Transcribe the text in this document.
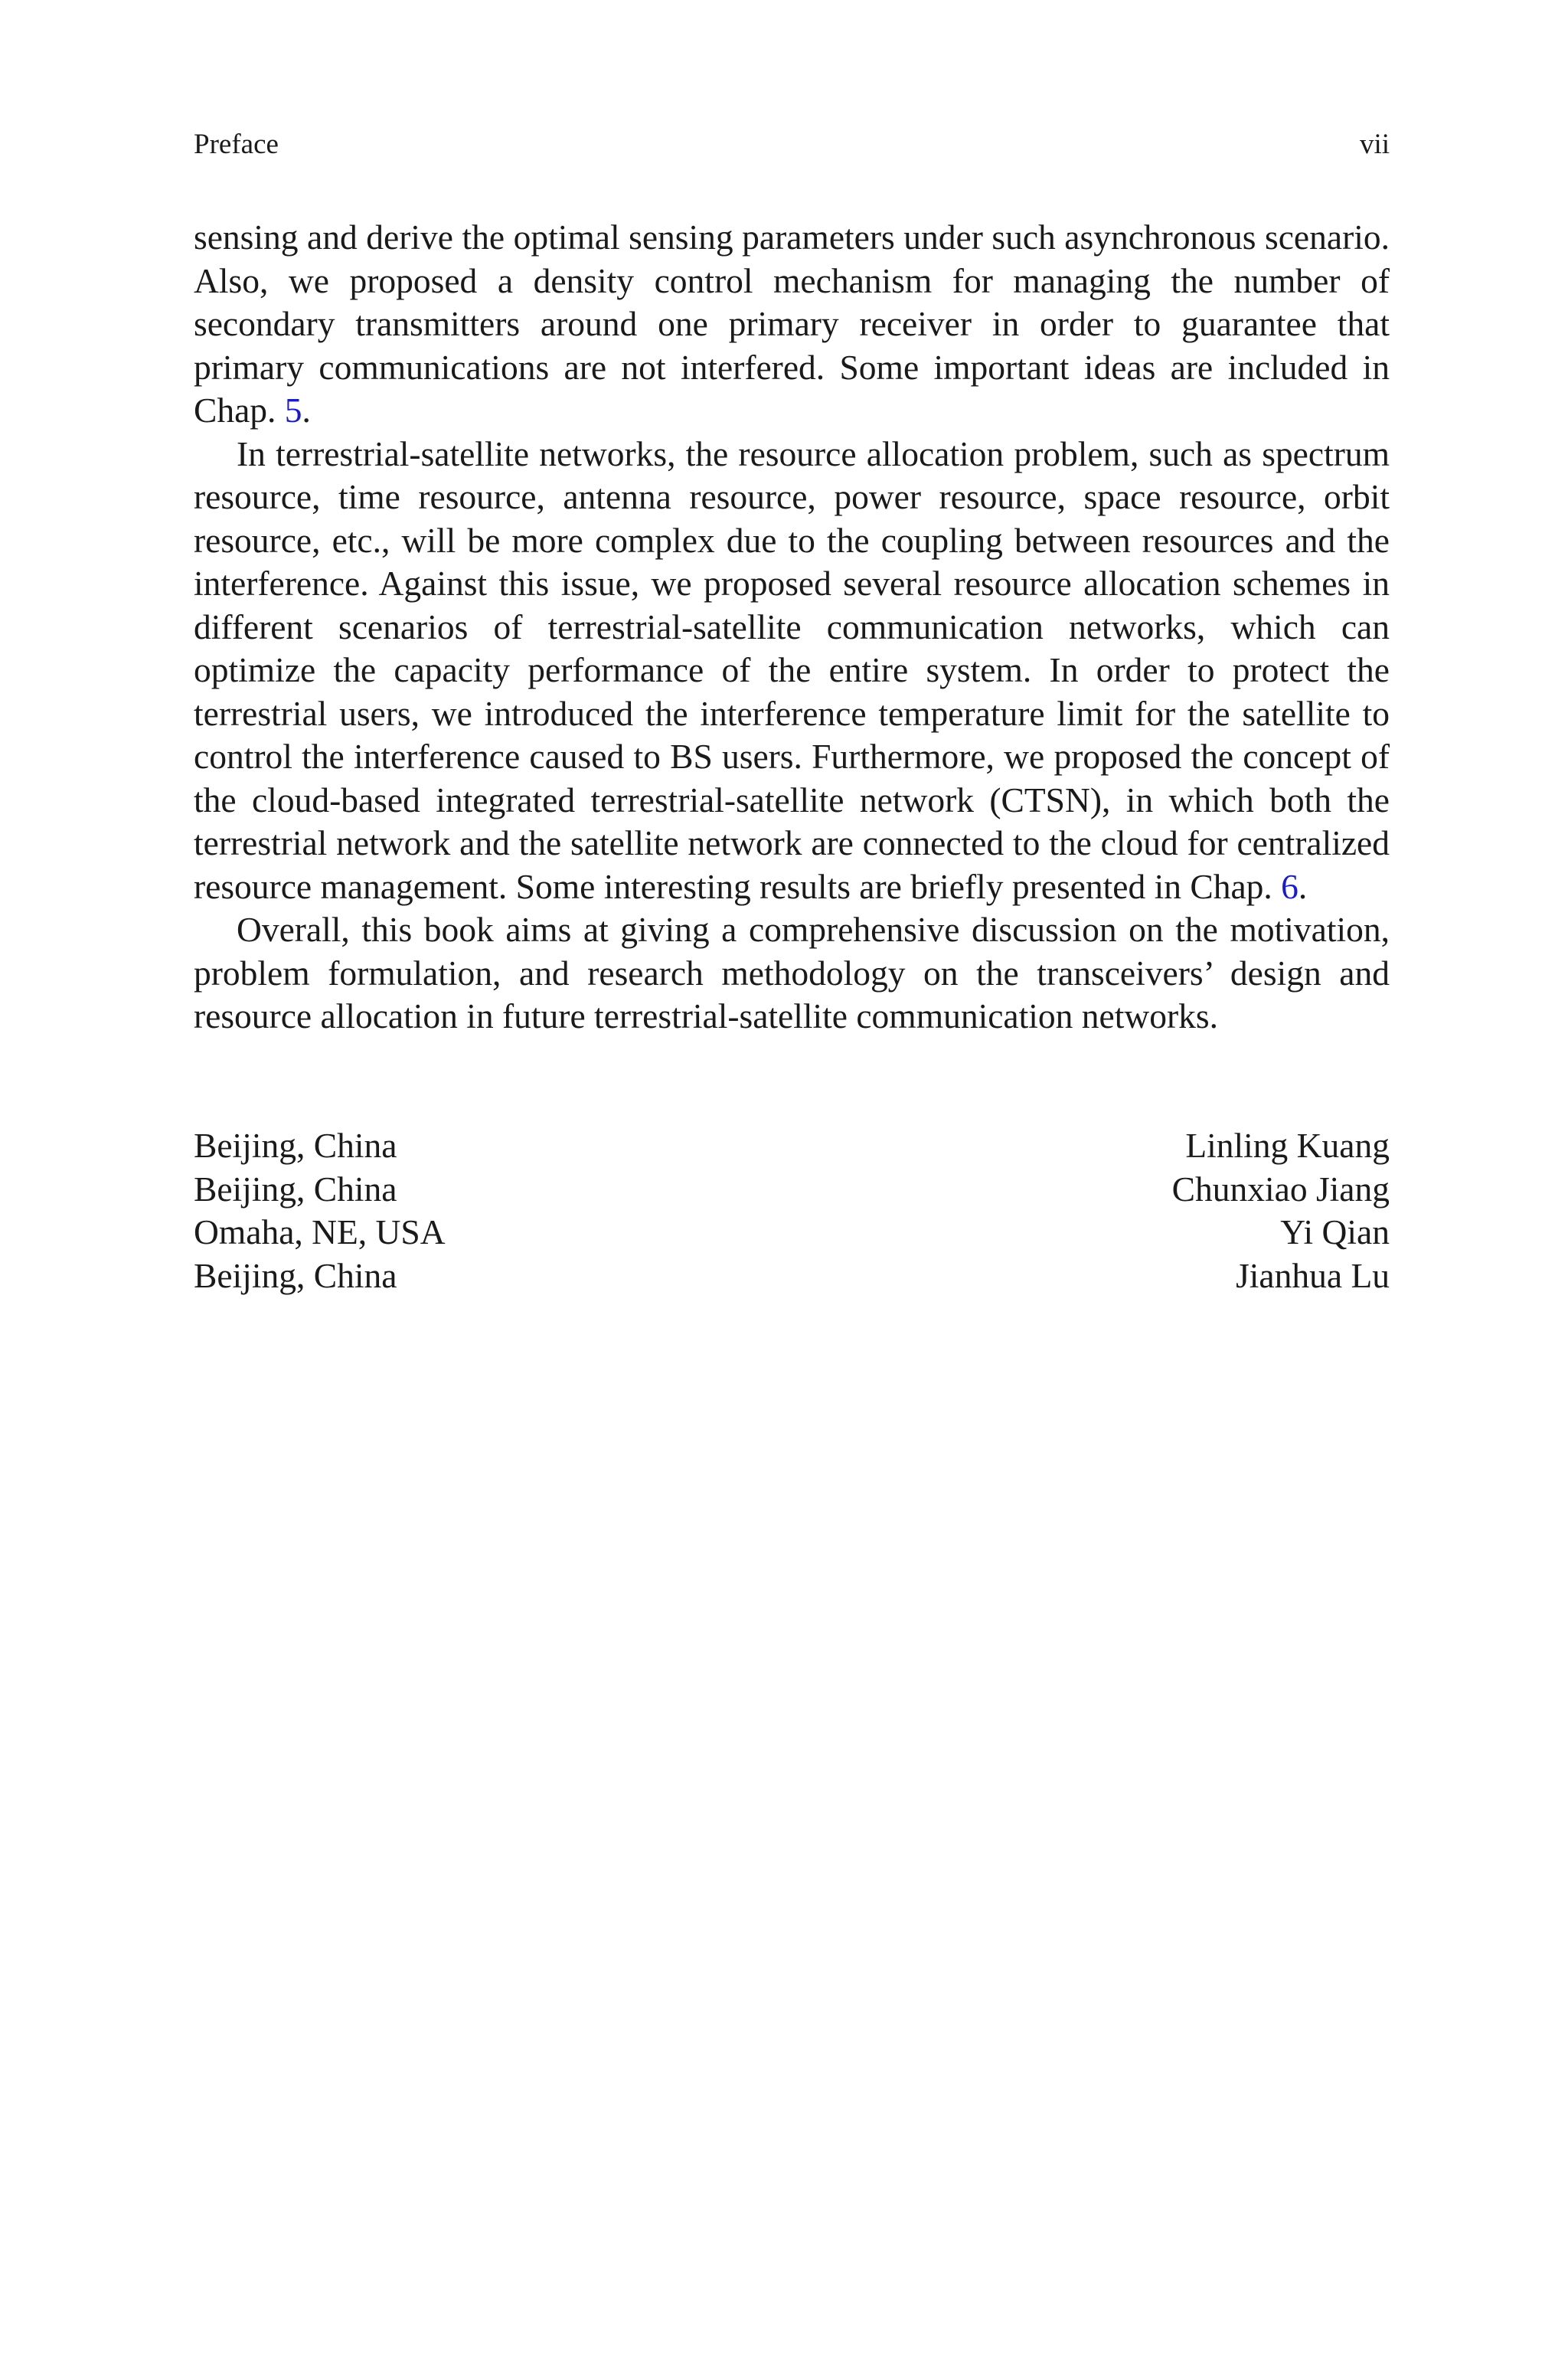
Preface	vii

sensing and derive the optimal sensing parameters under such asynchronous scenario. Also, we proposed a density control mechanism for managing the number of secondary transmitters around one primary receiver in order to guarantee that primary communications are not interfered. Some important ideas are included in Chap. 5.

In terrestrial-satellite networks, the resource allocation problem, such as spectrum resource, time resource, antenna resource, power resource, space resource, orbit resource, etc., will be more complex due to the coupling between resources and the interference. Against this issue, we proposed several resource allocation schemes in different scenarios of terrestrial-satellite communication networks, which can optimize the capacity performance of the entire system. In order to protect the terrestrial users, we introduced the interference temperature limit for the satellite to control the interference caused to BS users. Furthermore, we proposed the concept of the cloud-based integrated terrestrial-satellite network (CTSN), in which both the terrestrial network and the satellite network are connected to the cloud for centralized resource management. Some interesting results are briefly presented in Chap. 6.

Overall, this book aims at giving a comprehensive discussion on the motivation, problem formulation, and research methodology on the transceivers’ design and resource allocation in future terrestrial-satellite communication networks.

Beijing, China	Linling Kuang
Beijing, China	Chunxiao Jiang
Omaha, NE, USA	Yi Qian
Beijing, China	Jianhua Lu
